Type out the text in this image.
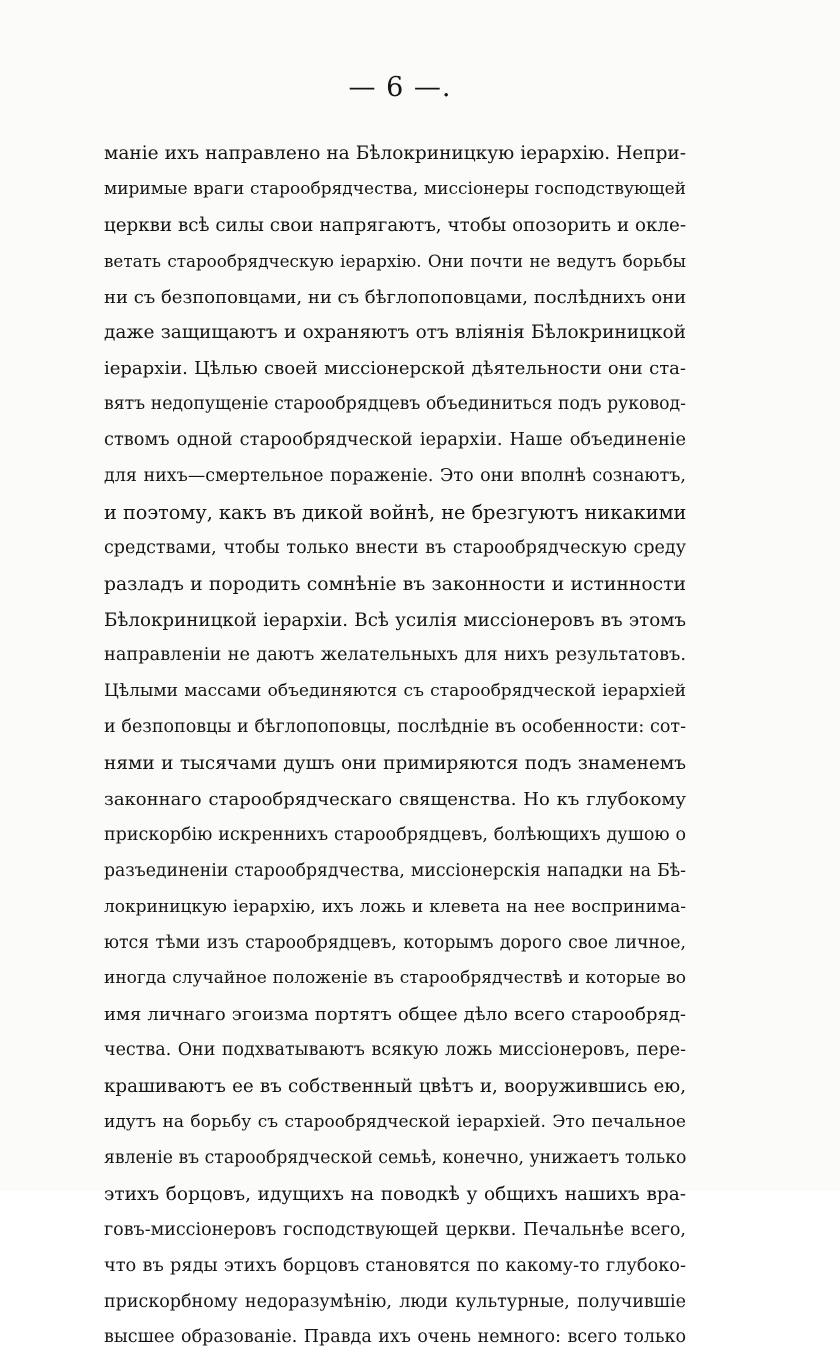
— 6 —.
маніе ихъ направлено на Бѣлокриницкую іерархію. Непри-
миримые враги старообрядчества, миссіонеры господствующей
церкви всѣ силы свои напрягаютъ, чтобы опозорить и окле-
ветать старообрядческую іерархію. Они почти не ведутъ борьбы
ни съ безпоповцами, ни съ бѣглопоповцами, послѣднихъ они
даже защищаютъ и охраняютъ отъ вліянія Бѣлокриницкой
іерархіи. Цѣлью своей миссіонерской дѣятельности они ста-
вятъ недопущеніе старообрядцевъ объединиться подъ руковод-
ствомъ одной старообрядческой іерархіи. Наше объединеніе
для нихъ—смертельное пораженіе. Это они вполнѣ сознаютъ,
и поэтому, какъ въ дикой войнѣ, не брезгуютъ никакими
средствами, чтобы только внести въ старообрядческую среду
разладъ и породить сомнѣніе въ законности и истинности
Бѣлокриницкой іерархіи. Всѣ усилія миссіонеровъ въ этомъ
направленіи не даютъ желательныхъ для нихъ результатовъ.
Цѣлыми массами объединяются съ старообрядческой іерархіей
и безпоповцы и бѣглопоповцы, послѣдніе въ особенности: сот-
нями и тысячами душъ они примиряются подъ знаменемъ
законнаго старообрядческаго священства. Но къ глубокому
прискорбію искреннихъ старообрядцевъ, болѣющихъ душою о
разъединеніи старообрядчества, миссіонерскія нападки на Бѣ-
локриницкую іерархію, ихъ ложь и клевета на нее воспринима-
ются тѣми изъ старообрядцевъ, которымъ дорого свое личное,
иногда случайное положеніе въ старообрядчествѣ и которые во
имя личнаго эгоизма портятъ общее дѣло всего старообряд-
чества. Они подхватываютъ всякую ложь миссіонеровъ, пере-
крашиваютъ ее въ собственный цвѣтъ и, вооружившись ею,
идутъ на борьбу съ старообрядческой іерархіей. Это печальное
явленіе въ старообрядческой семьѣ, конечно, унижаетъ только
этихъ борцовъ, идущихъ на поводкѣ у общихъ нашихъ вра-
говъ-миссіонеровъ господствующей церкви. Печальнѣе всего,
что въ ряды этихъ борцовъ становятся по какому-то глубоко-
прискорбному недоразумѣнію, люди культурные, получившіе
высшее образованіе. Правда ихъ очень немного: всего только
